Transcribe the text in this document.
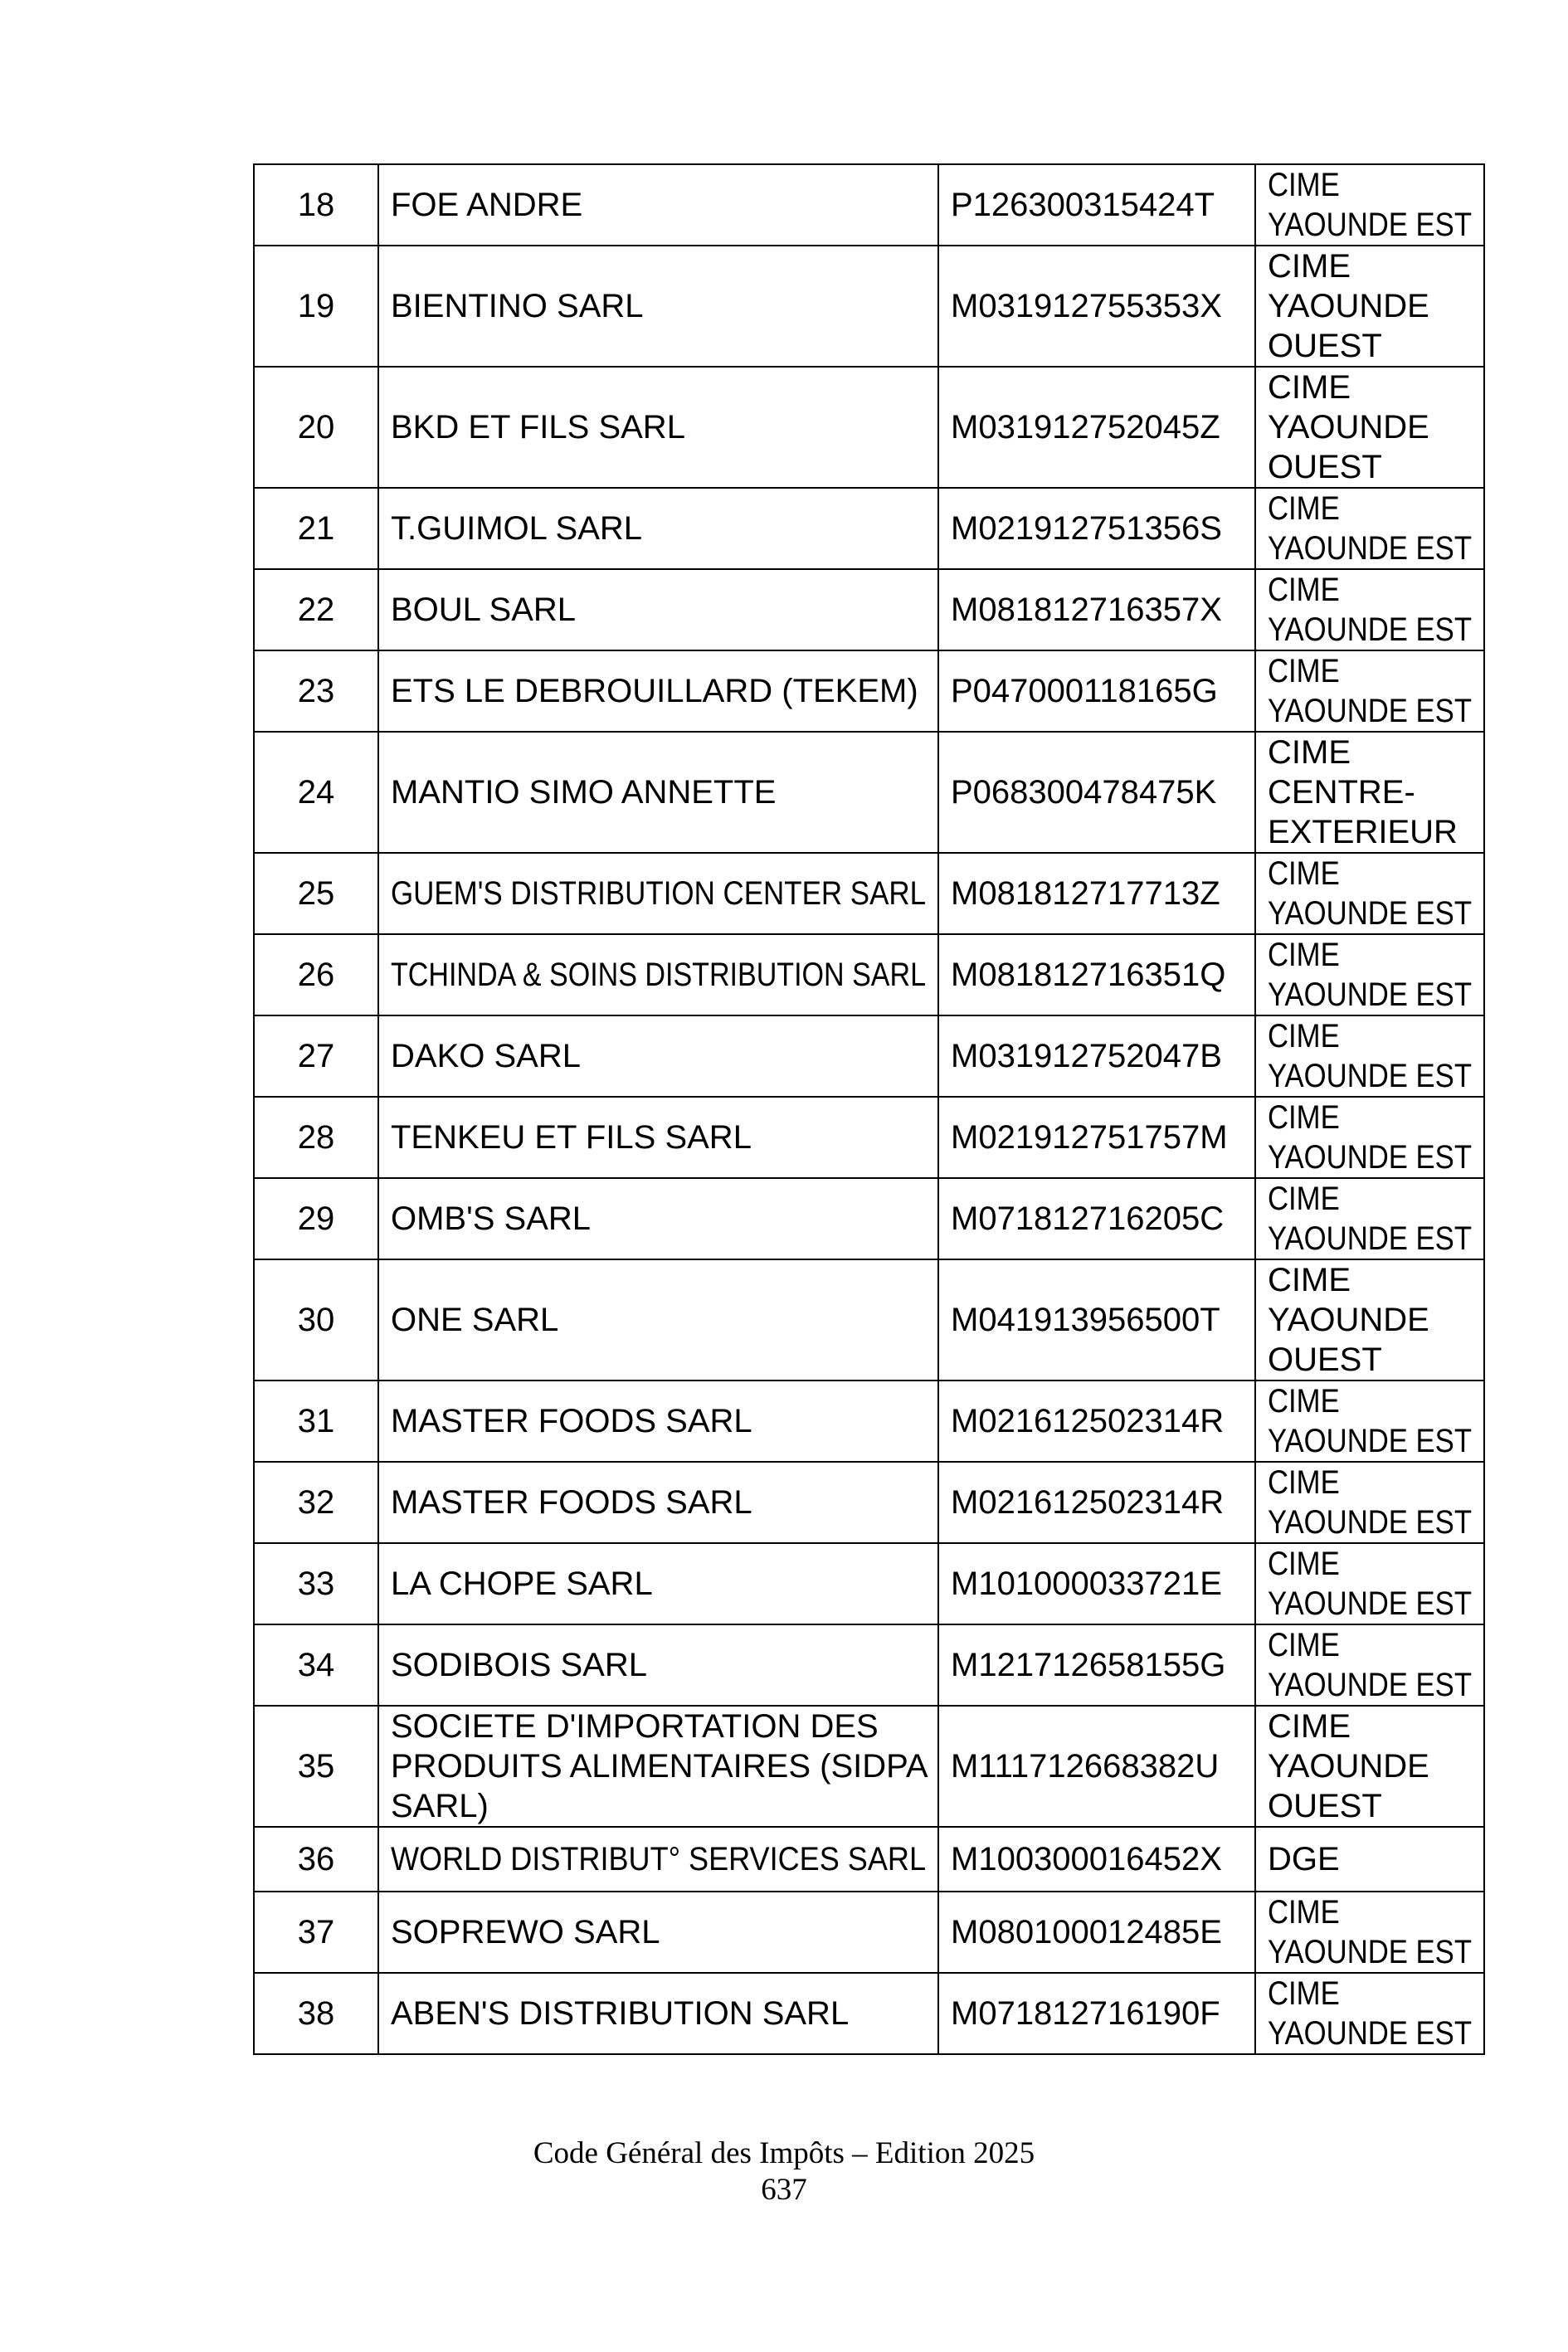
18	FOE ANDRE	P126300315424T	CIME
YAOUNDE EST
19	BIENTINO SARL	M031912755353X	CIME
YAOUNDE
OUEST
20	BKD ET FILS SARL	M031912752045Z	CIME
YAOUNDE
OUEST
21	T.GUIMOL SARL	M021912751356S	CIME
YAOUNDE EST
22	BOUL SARL	M081812716357X	CIME
YAOUNDE EST
23	ETS LE DEBROUILLARD (TEKEM)	P047000118165G	CIME
YAOUNDE EST
24	MANTIO SIMO ANNETTE	P068300478475K	CIME
CENTRE-
EXTERIEUR
25	GUEM'S DISTRIBUTION CENTER SARL	M081812717713Z	CIME
YAOUNDE EST
26	TCHINDA & SOINS DISTRIBUTION SARL	M081812716351Q	CIME
YAOUNDE EST
27	DAKO SARL	M031912752047B	CIME
YAOUNDE EST
28	TENKEU ET FILS SARL	M021912751757M	CIME
YAOUNDE EST
29	OMB'S SARL	M071812716205C	CIME
YAOUNDE EST
30	ONE SARL	M041913956500T	CIME
YAOUNDE
OUEST
31	MASTER FOODS SARL	M021612502314R	CIME
YAOUNDE EST
32	MASTER FOODS SARL	M021612502314R	CIME
YAOUNDE EST
33	LA CHOPE SARL	M101000033721E	CIME
YAOUNDE EST
34	SODIBOIS SARL	M121712658155G	CIME
YAOUNDE EST
35	SOCIETE D'IMPORTATION DES
PRODUITS ALIMENTAIRES (SIDPA
SARL)	M111712668382U	CIME
YAOUNDE
OUEST
36	WORLD DISTRIBUT° SERVICES SARL	M100300016452X	DGE
37	SOPREWO SARL	M080100012485E	CIME
YAOUNDE EST
38	ABEN'S DISTRIBUTION SARL	M071812716190F	CIME
YAOUNDE EST
Code Général des Impôts – Edition 2025
637
